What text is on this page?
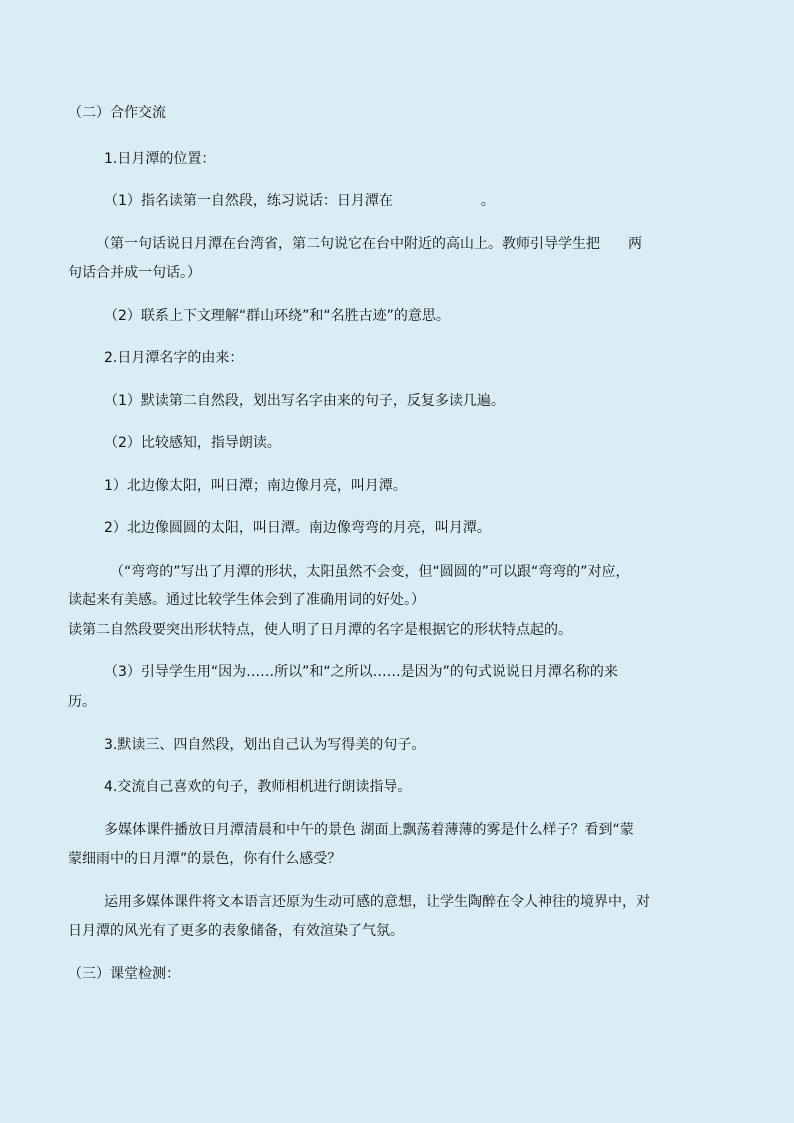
（二）合作交流

1.日月潭的位置：

（1）指名读第一自然段，练习说话：日月潭在	。

（第一句话说日月潭在台湾省，第二句说它在台中附近的高山上。教师引导学生把 两

句话合并成一句话。）

（2）联系上下文理解“群山环绕”和“名胜古迹”的意思。

2.日月潭名字的由来：

（1）默读第二自然段，划出写名字由来的句子，反复多读几遍。

（2）比较感知，指导朗读。

1）北边像太阳，叫日潭；南边像月亮，叫月潭。

2）北边像圆圆的太阳，叫日潭。南边像弯弯的月亮，叫月潭。

（“弯弯的”写出了月潭的形状，太阳虽然不会变，但“圆圆的”可以跟“弯弯的”对应，

读起来有美感。通过比较学生体会到了准确用词的好处。）

读第二自然段要突出形状特点，使人明了日月潭的名字是根据它的形状特点起的。

（3）引导学生用“因为……所以”和“之所以……是因为”的句式说说日月潭名称的来

历。

3.默读三、四自然段，划出自己认为写得美的句子。

4.交流自己喜欢的句子，教师相机进行朗读指导。

多媒体课件播放日月潭清晨和中午的景色 湖面上飘荡着薄薄的雾是什么样子？看到“蒙

蒙细雨中的日月潭”的景色，你有什么感受？

运用多媒体课件将文本语言还原为生动可感的意想，让学生陶醉在令人神往的境界中，对

日月潭的风光有了更多的表象储备，有效渲染了气氛。

（三）课堂检测：
